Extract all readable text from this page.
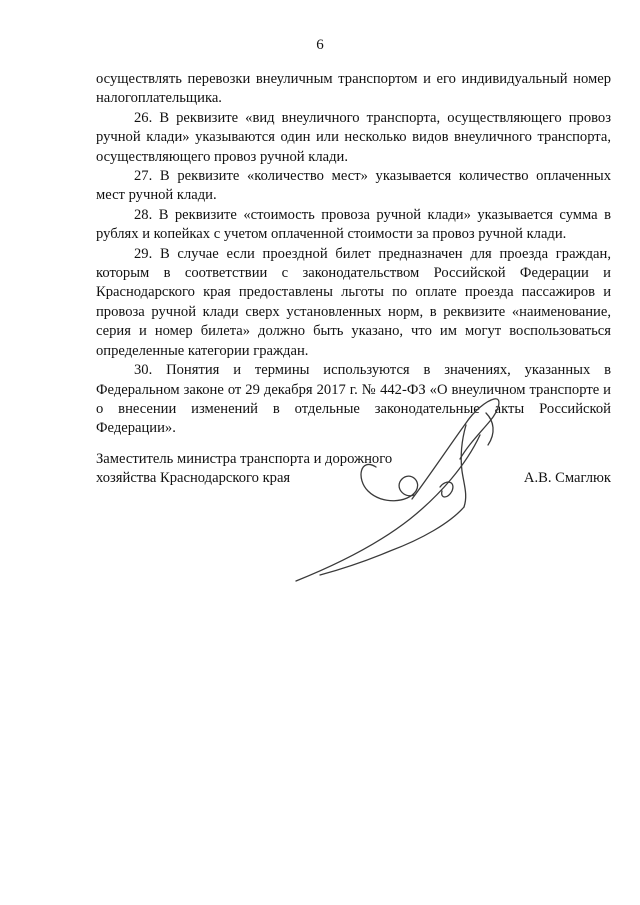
6

осуществлять перевозки внеуличным транспортом и его индивидуальный номер налогоплательщика.

26. В реквизите «вид внеуличного транспорта, осуществляющего провоз ручной клади» указываются один или несколько видов внеуличного транспорта, осуществляющего провоз ручной клади.

27. В реквизите «количество мест» указывается количество оплаченных мест ручной клади.

28. В реквизите «стоимость провоза ручной клади» указывается сумма в рублях и копейках с учетом оплаченной стоимости за провоз ручной клади.

29. В случае если проездной билет предназначен для проезда граждан, которым в соответствии с законодательством Российской Федерации и Краснодарского края предоставлены льготы по оплате проезда пассажиров и провоза ручной клади сверх установленных норм, в реквизите «наименование, серия и номер билета» должно быть указано, что им могут воспользоваться определенные категории граждан.

30. Понятия и термины используются в значениях, указанных в Федеральном законе от 29 декабря 2017 г. № 442-ФЗ «О внеуличном транспорте и о внесении изменений в отдельные законодательные акты Российской Федерации».

Заместитель министра транспорта и дорожного хозяйства Краснодарского края	А.В. Смаглюк
